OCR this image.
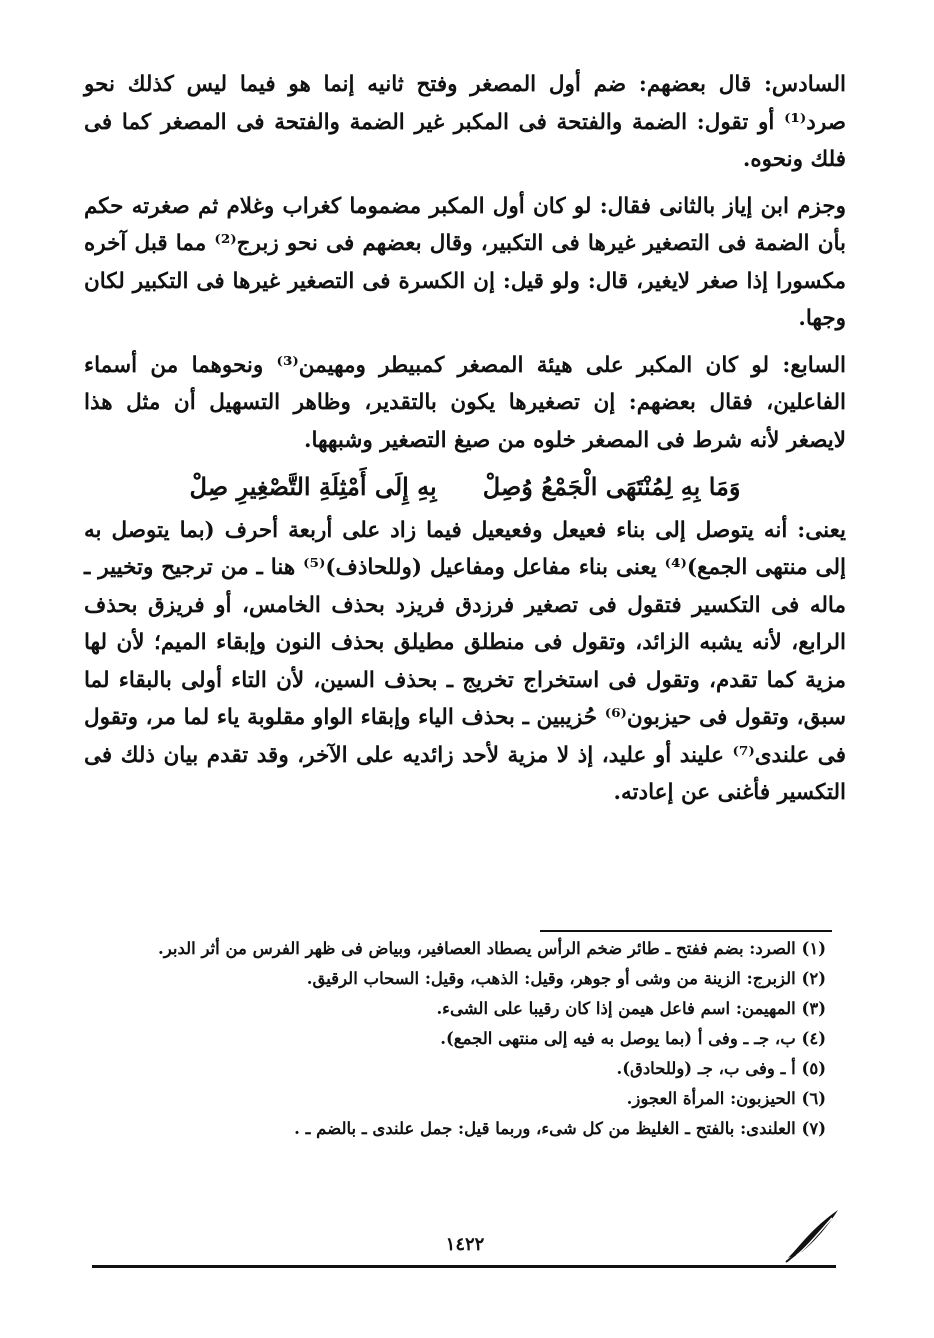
السادس: قال بعضهم: ضم أول المصغر وفتح ثانيه إنما هو فيما ليس كذلك نحو صرد⁽¹⁾ أو تقول: الضمة والفتحة فى المكبر غير الضمة والفتحة فى المصغر كما فى فلك ونحوه.

وجزم ابن إياز بالثانى فقال: لو كان أول المكبر مضموما كغراب وغلام ثم صغرته حكم بأن الضمة فى التصغير غيرها فى التكبير، وقال بعضهم فى نحو زبرج⁽²⁾ مما قبل آخره مكسورا إذا صغر لايغير، قال: ولو قيل: إن الكسرة فى التصغير غيرها فى التكبير لكان وجها.

السابع: لو كان المكبر على هيئة المصغر كمبيطر ومهيمن⁽³⁾ ونحوهما من أسماء الفاعلين، فقال بعضهم: إن تصغيرها يكون بالتقدير، وظاهر التسهيل أن مثل هذا لايصغر لأنه شرط فى المصغر خلوه من صيغ التصغير وشبهها.

وَمَا بِهِ لِمُنْتَهَى الْجَمْعُ وُصِلْ
بِهِ إِلَى أَمْثِلَةِ التَّصْغِيرِ صِلْ

يعنى: أنه يتوصل إلى بناء فعيعل وفعيعيل فيما زاد على أربعة أحرف (بما يتوصل به إلى منتهى الجمع)⁽⁴⁾ يعنى بناء مفاعل ومفاعيل (وللحاذف)⁽⁵⁾ هنا ـ من ترجيح وتخيير ـ ماله فى التكسير فتقول فى تصغير فرزدق فريزد بحذف الخامس، أو فريزق بحذف الرابع، لأنه يشبه الزائد، وتقول فى منطلق مطيلق بحذف النون وإبقاء الميم؛ لأن لها مزية كما تقدم، وتقول فى استخراج تخريج ـ بحذف السين، لأن التاء أولى بالبقاء لما سبق، وتقول فى حيزبون⁽⁶⁾ حُزيبين ـ بحذف الياء وإبقاء الواو مقلوبة ياء لما مر، وتقول فى علندى⁽⁷⁾ عليند أو عليد، إذ لا مزية لأحد زائديه على الآخر، وقد تقدم بيان ذلك فى التكسير فأغنى عن إعادته.

(١) الصرد: بضم ففتح ـ طائر ضخم الرأس يصطاد العصافير، وبياض فى ظهر الفرس من أثر الدبر.
(٢) الزبرج: الزينة من وشى أو جوهر، وقيل: الذهب، وقيل: السحاب الرقيق.
(٣) المهيمن: اسم فاعل هيمن إذا كان رقيبا على الشىء.
(٤) ب، جـ ـ وفى أ (بما يوصل به فيه إلى منتهى الجمع).
(٥) أ ـ وفى ب، جـ (وللحادق).
(٦) الحيزبون: المرأة العجوز.
(٧) العلندى: بالفتح ـ الغليظ من كل شىء، وربما قيل: جمل علندى ـ بالضم ـ .
١٤٢٢
